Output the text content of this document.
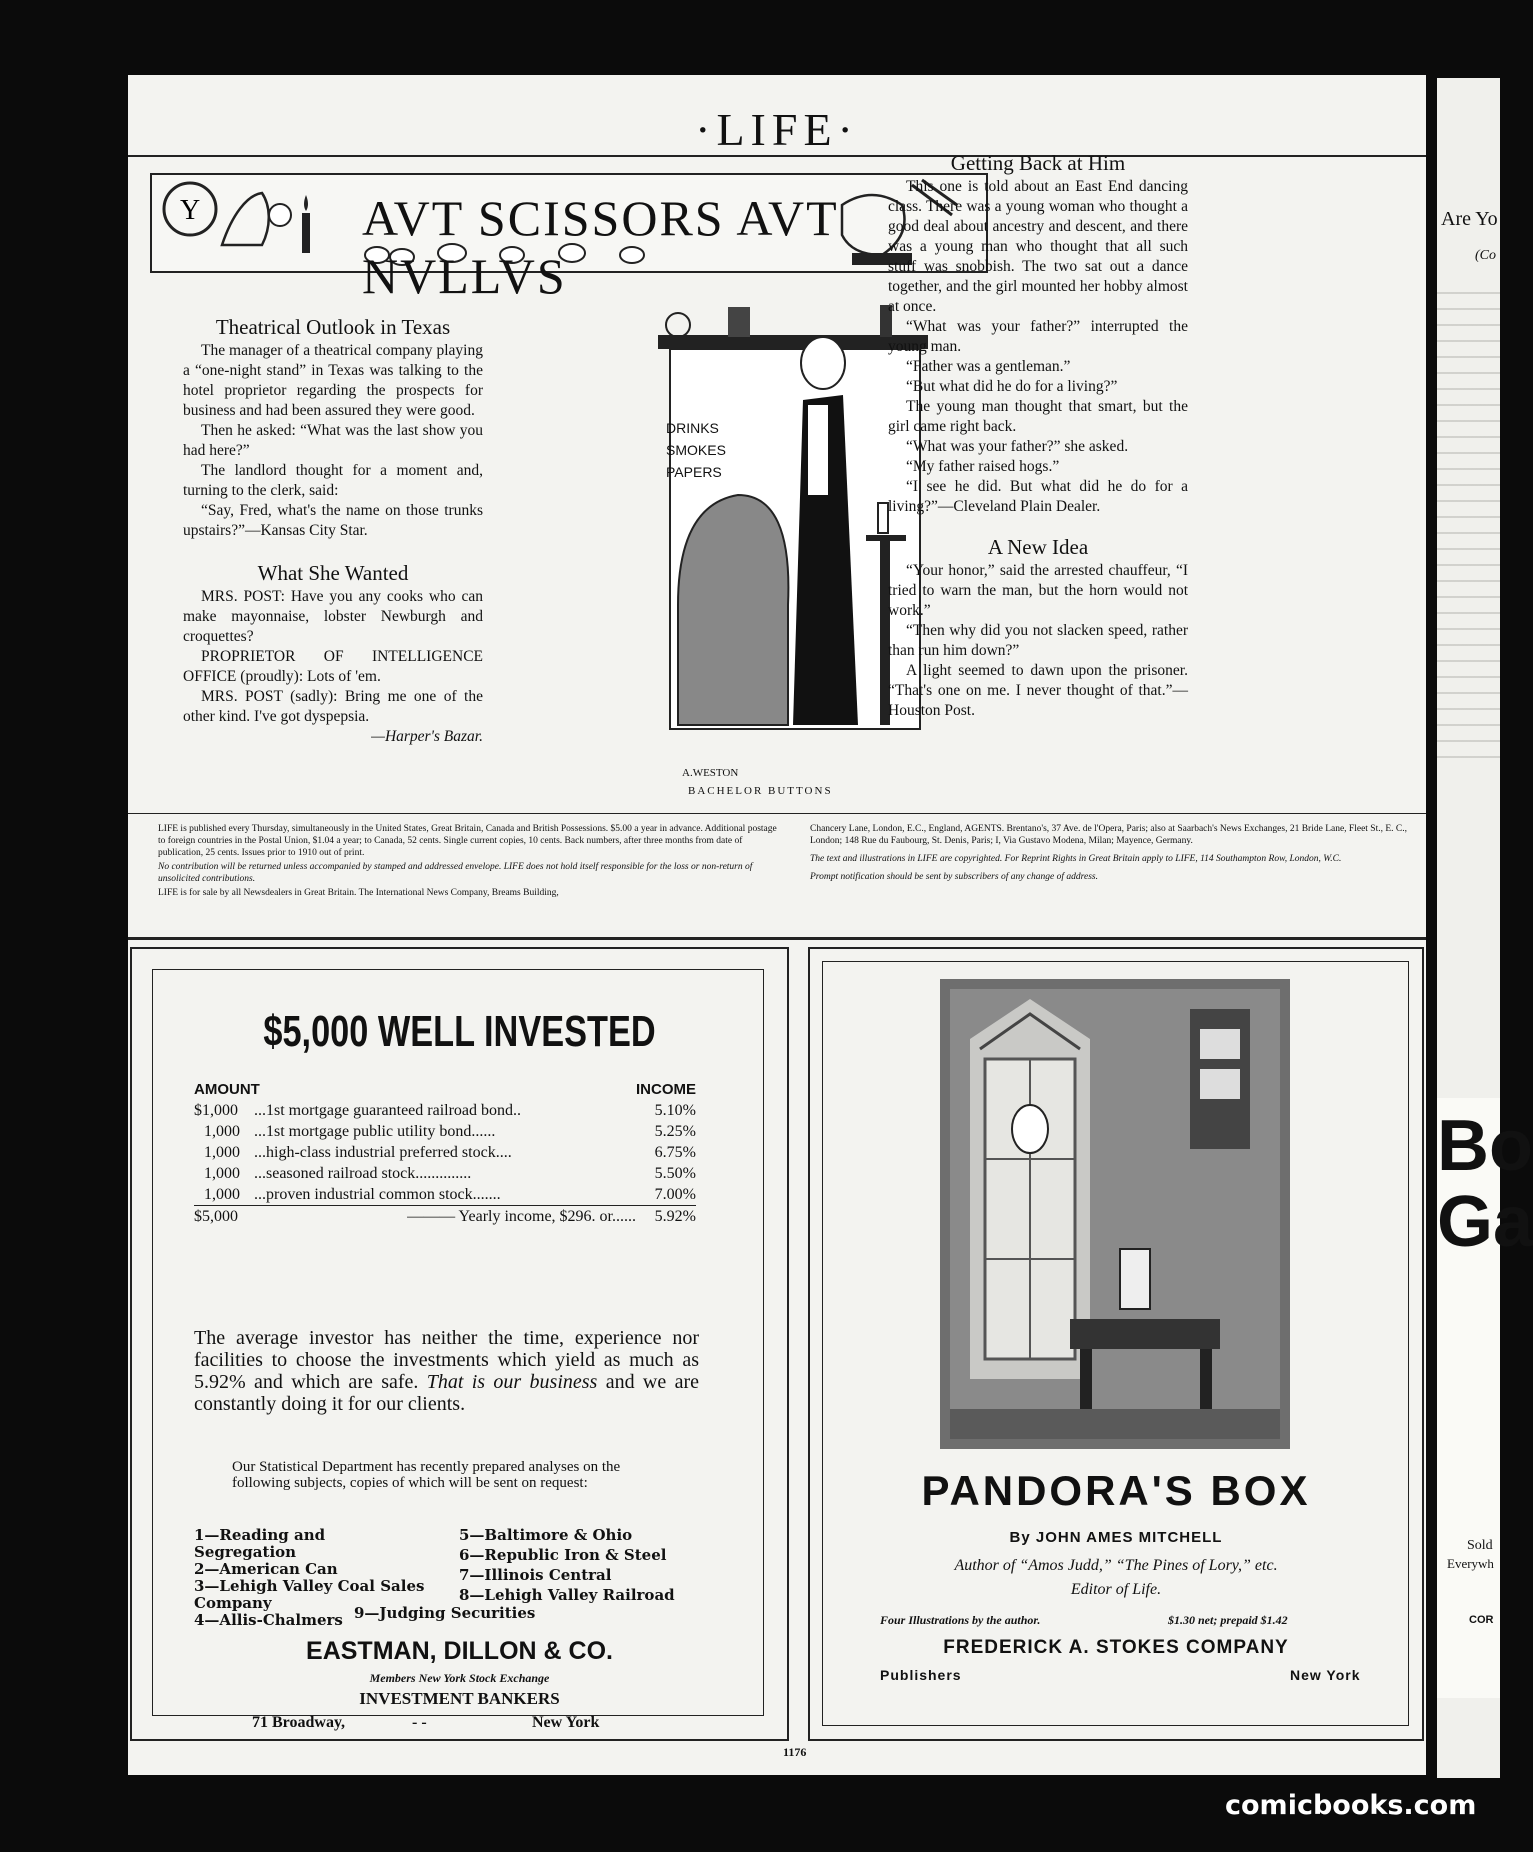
·LIFE·
Y	AVT SCISSORS AVT NVLLVS
Theatrical Outlook in Texas

The manager of a theatrical company playing a “one-night stand” in Texas was talking to the hotel proprietor regarding the prospects for business and had been assured they were good.

Then he asked: “What was the last show you had here?”

The landlord thought for a moment and, turning to the clerk, said:

“Say, Fred, what's the name on those trunks upstairs?”—Kansas City Star.

What She Wanted

MRS. POST: Have you any cooks who can make mayonnaise, lobster Newburgh and croquettes?

PROPRIETOR OF INTELLIGENCE OFFICE (proudly): Lots of 'em.

MRS. POST (sadly): Bring me one of the other kind. I've got dyspepsia.

—Harper's Bazar.
DRINKS
SMOKES
PAPERS
A.WESTON
BACHELOR BUTTONS
Getting Back at Him

This one is told about an East End dancing class. There was a young woman who thought a good deal about ancestry and descent, and there was a young man who thought that all such stuff was snobbish. The two sat out a dance together, and the girl mounted her hobby almost at once.

“What was your father?” interrupted the young man.

“Father was a gentleman.”

“But what did he do for a living?”

The young man thought that smart, but the girl came right back.

“What was your father?” she asked.

“My father raised hogs.”

“I see he did. But what did he do for a living?”—Cleveland Plain Dealer.

A New Idea

“Your honor,” said the arrested chauffeur, “I tried to warn the man, but the horn would not work.”

“Then why did you not slacken speed, rather than run him down?”

A light seemed to dawn upon the prisoner. “That's one on me. I never thought of that.”—Houston Post.

LIFE is published every Thursday, simultaneously in the United States, Great Britain, Canada and British Possessions. $5.00 a year in advance. Additional postage to foreign countries in the Postal Union, $1.04 a year; to Canada, 52 cents. Single current copies, 10 cents. Back numbers, after three months from date of publication, 25 cents. Issues prior to 1910 out of print.
No contribution will be returned unless accompanied by stamped and addressed envelope. LIFE does not hold itself responsible for the loss or non-return of unsolicited contributions.
LIFE is for sale by all Newsdealers in Great Britain. The International News Company, Breams Building,
Chancery Lane, London, E.C., England, AGENTS. Brentano's, 37 Ave. de l'Opera, Paris; also at Saarbach's News Exchanges, 21 Bride Lane, Fleet St., E. C., London; 148 Rue du Faubourg, St. Denis, Paris; I, Via Gustavo Modena, Milan; Mayence, Germany.
The text and illustrations in LIFE are copyrighted. For Reprint Rights in Great Britain apply to LIFE, 114 Southampton Row, London, W.C.
Prompt notification should be sent by subscribers of any change of address.
$5,000 WELL INVESTED
AMOUNT	INCOME
$1,000	...1st mortgage guaranteed railroad bond..	5.10%
1,000 ...1st mortgage public utility bond......	5.25%
1,000 ...high-class industrial preferred stock....	6.75%
1,000 ...seasoned railroad stock..............	5.50%
1,000 ...proven industrial common stock.......	7.00%
$5,000	——— Yearly income, $296. or......	5.92%
The average investor has neither the time, experience nor facilities to choose the investments which yield as much as 5.92% and which are safe. That is our business and we are constantly doing it for our clients.
Our Statistical Department has recently prepared analyses on the following subjects, copies of which will be sent on request:
1—Reading and Segregation
2—American Can
3—Lehigh Valley Coal Sales Company
4—Allis-Chalmers
5—Baltimore & Ohio
6—Republic Iron & Steel
7—Illinois Central
8—Lehigh Valley Railroad
9—Judging Securities
EASTMAN, DILLON & CO.
Members New York Stock Exchange
INVESTMENT BANKERS
71 Broadway,	- -	New York
PANDORA'S BOX
By JOHN AMES MITCHELL
Author of “Amos Judd,” “The Pines of Lory,” etc.
Editor of Life.
Four Illustrations by the author.	$1.30 net; prepaid $1.42
FREDERICK A. STOKES COMPANY
Publishers	New York
1176
Are Yo
(Co
Bo Ga
Sold
Everywh
COR
comicbooks.com
